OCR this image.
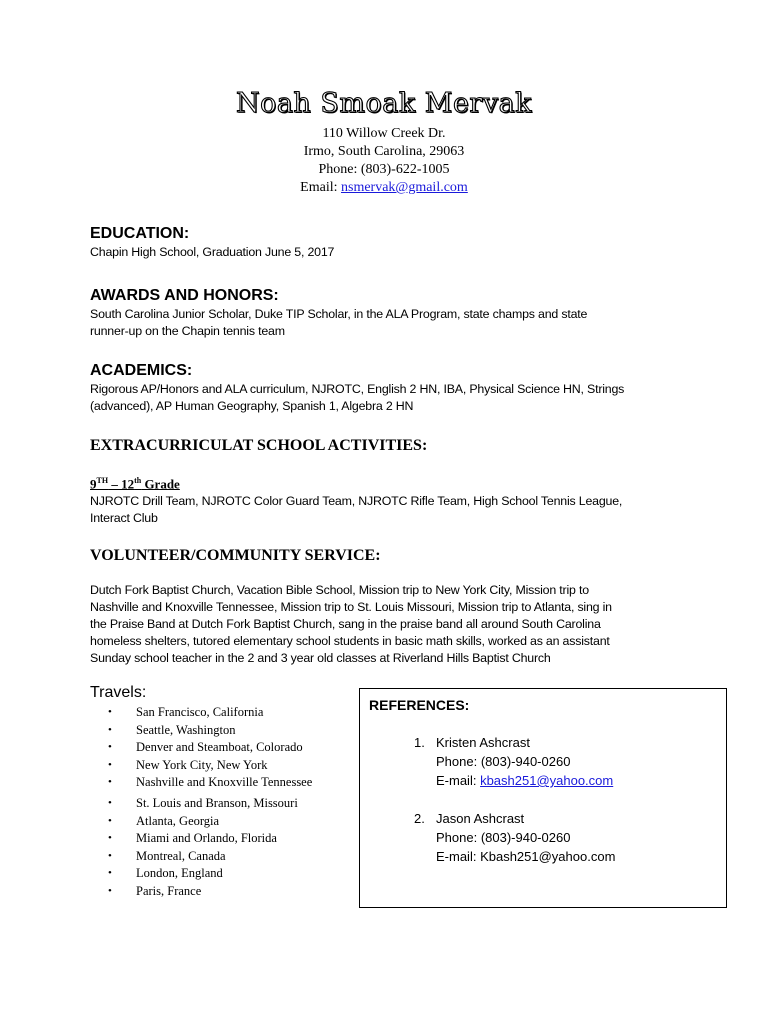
Noah Smoak Mervak
110 Willow Creek Dr.
Irmo, South Carolina, 29063
Phone: (803)-622-1005
Email: nsmervak@gmail.com
EDUCATION:

Chapin High School, Graduation June 5, 2017

AWARDS AND HONORS:

South Carolina Junior Scholar, Duke TIP Scholar, in the ALA Program, state champs and state

runner-up on the Chapin tennis team

ACADEMICS:

Rigorous AP/Honors and ALA curriculum, NJROTC, English 2 HN, IBA, Physical Science HN, Strings

(advanced), AP Human Geography, Spanish 1, Algebra 2 HN

EXTRACURRICULAT SCHOOL ACTIVITIES:

9TH – 12th Grade

NJROTC Drill Team, NJROTC Color Guard Team, NJROTC Rifle Team, High School Tennis League,

Interact Club

VOLUNTEER/COMMUNITY SERVICE:

Dutch Fork Baptist Church, Vacation Bible School, Mission trip to New York City, Mission trip to

Nashville and Knoxville Tennessee, Mission trip to St. Louis Missouri, Mission trip to Atlanta, sing in

the Praise Band at Dutch Fork Baptist Church, sang in the praise band all around South Carolina

homeless shelters, tutored elementary school students in basic math skills, worked as an assistant

Sunday school teacher in the 2 and 3 year old classes at Riverland Hills Baptist Church

Travels:
• San Francisco, California
• Seattle, Washington
• Denver and Steamboat, Colorado
• New York City, New York
• Nashville and Knoxville Tennessee
• St. Louis and Branson, Missouri
• Atlanta, Georgia
• Miami and Orlando, Florida
• Montreal, Canada
• London, England
• Paris, France
REFERENCES:
1. Kristen Ashcrast
Phone: (803)-940-0260
E-mail: kbash251@yahoo.com
2. Jason Ashcrast
Phone: (803)-940-0260
E-mail: Kbash251@yahoo.com
